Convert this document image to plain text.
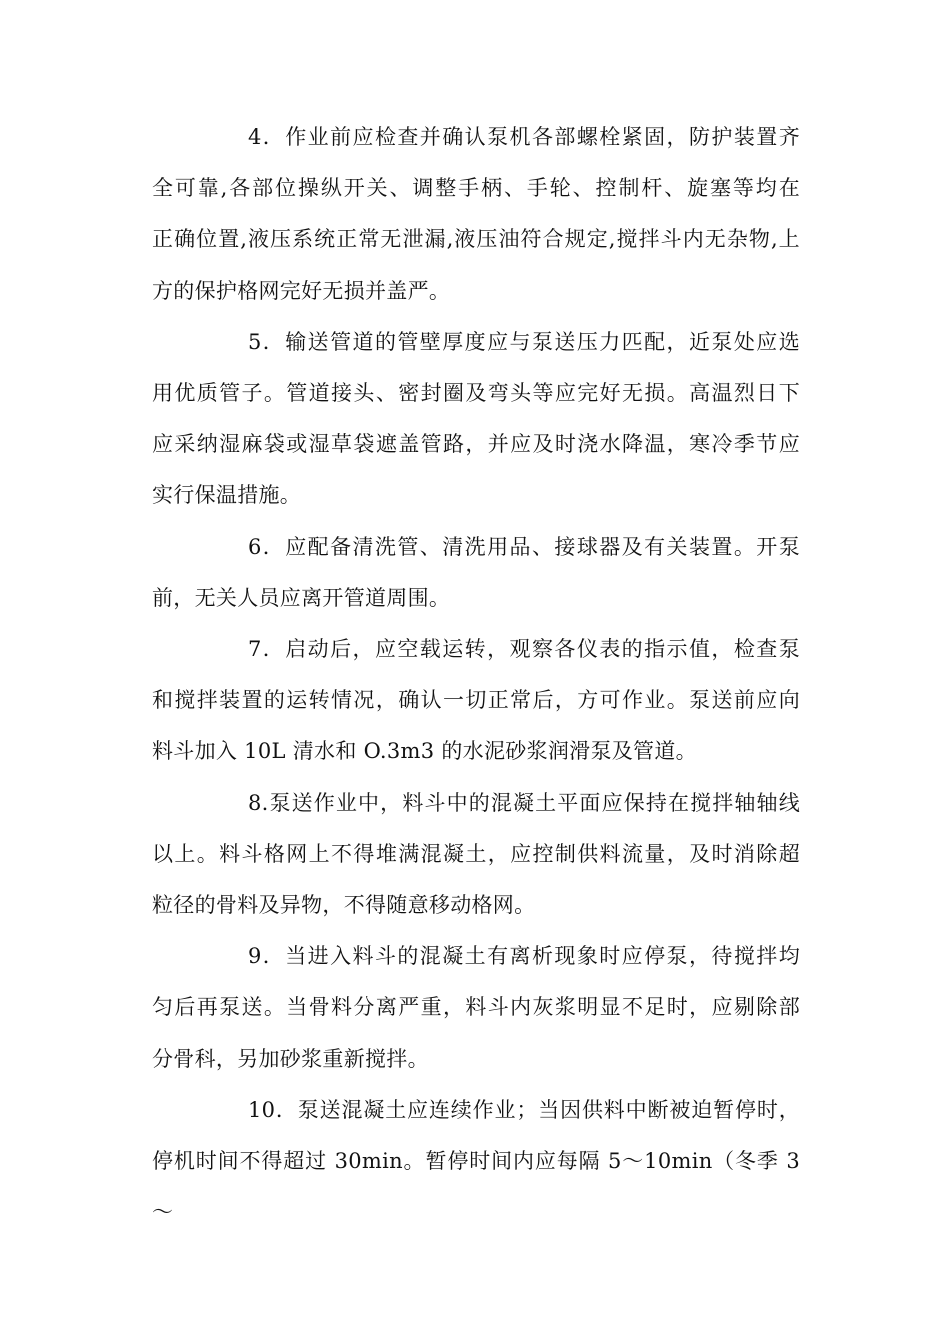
4．作业前应检查并确认泵机各部螺栓紧固，防护装置齐
全可靠,各部位操纵开关、调整手柄、手轮、控制杆、旋塞等均在
正确位置,液压系统正常无泄漏,液压油符合规定,搅拌斗内无杂物,上
方的保护格网完好无损并盖严。

5．输送管道的管壁厚度应与泵送压力匹配，近泵处应选
用优质管子。管道接头、密封圈及弯头等应完好无损。高温烈日下
应采纳湿麻袋或湿草袋遮盖管路，并应及时浇水降温，寒冷季节应
实行保温措施。

6．应配备清洗管、清洗用品、接球器及有关装置。开泵
前，无关人员应离开管道周围。

7．启动后，应空载运转，观察各仪表的指示值，检查泵
和搅拌装置的运转情况，确认一切正常后，方可作业。泵送前应向
料斗加入 10L 清水和 O.3m3 的水泥砂浆润滑泵及管道。

8.泵送作业中，料斗中的混凝土平面应保持在搅拌轴轴线
以上。料斗格网上不得堆满混凝土，应控制供料流量，及时消除超
粒径的骨料及异物，不得随意移动格网。

9．当进入料斗的混凝土有离析现象时应停泵，待搅拌均
匀后再泵送。当骨料分离严重，料斗内灰浆明显不足时，应剔除部
分骨科，另加砂浆重新搅拌。

10．泵送混凝土应连续作业；当因供料中断被迫暂停时，
停机时间不得超过 30min。暂停时间内应每隔 5～10min（冬季 3～
